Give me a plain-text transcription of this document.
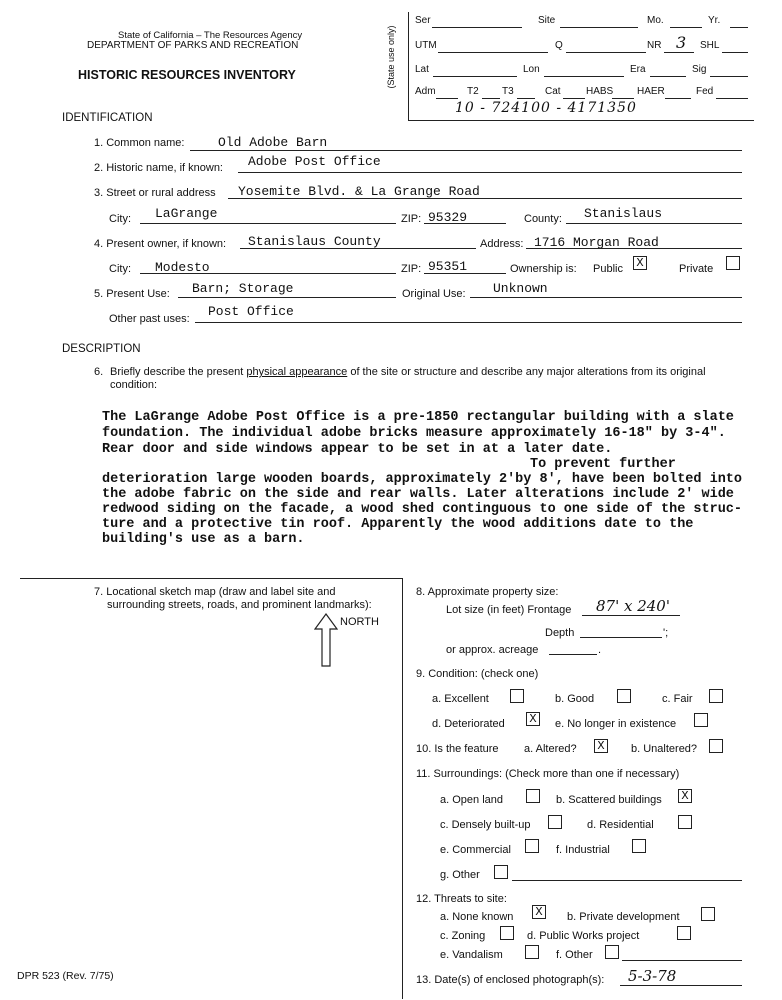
State of California – The Resources Agency
DEPARTMENT OF PARKS AND RECREATION
HISTORIC RESOURCES INVENTORY	(State use only)
Ser	Site	Mo.	Yr.
UTM	Q	NR 3 SHL
Lat	Lon	Era	Sig
Adm	T2 T3	Cat	HABS HAER	Fed
10 - 724100 - 4171350
IDENTIFICATION
1. Common name:	Old Adobe Barn
2. Historic name, if known: Adobe Post Office
3. Street or rural address Yosemite Blvd. & La Grange Road
City: LaGrange	ZIP: 95329	County: Stanislaus
4. Present owner, if known: Stanislaus County	Address: 1716 Morgan Road
City: Modesto	ZIP: 95351	Ownership is: Public X	Private
5. Present Use: Barn; Storage	Original Use: Unknown
Other past uses: Post Office
DESCRIPTION
6. Briefly describe the present physical appearance of the site or structure and describe any major alterations from its original
condition:
The LaGrange Adobe Post Office is a pre-1850 rectangular building with a slate
foundation. The individual adobe bricks measure approximately 16-18" by 3-4".
Rear door and side windows appear to be set in at a later date.
To prevent further
deterioration large wooden boards, approximately 2'by 8', have been bolted into
the adobe fabric on the side and rear walls. Later alterations include 2' wide
redwood siding on the facade, a wood shed continguous to one side of the struc-
ture and a protective tin roof. Apparently the wood additions date to the
building's use as a barn.
7. Locational sketch map (draw and label site and
surrounding streets, roads, and prominent landmarks):
NORTH
8. Approximate property size:
Lot size (in feet) Frontage 87' x 240'
Depth	';
or approx. acreage	.
9. Condition: (check one)
a. Excellent	b. Good	c. Fair
d. Deteriorated X	e. No longer in existence
10. Is the feature a. Altered? X	b. Unaltered?
11. Surroundings: (Check more than one if necessary)
a. Open land	b. Scattered buildings X
c. Densely built-up	d. Residential
e. Commercial	f. Industrial
g. Other
12. Threats to site:
a. None known X	b. Private development
c. Zoning	d. Public Works project
e. Vandalism	f. Other
13. Date(s) of enclosed photograph(s): 5-3-78
DPR 523 (Rev. 7/75)
